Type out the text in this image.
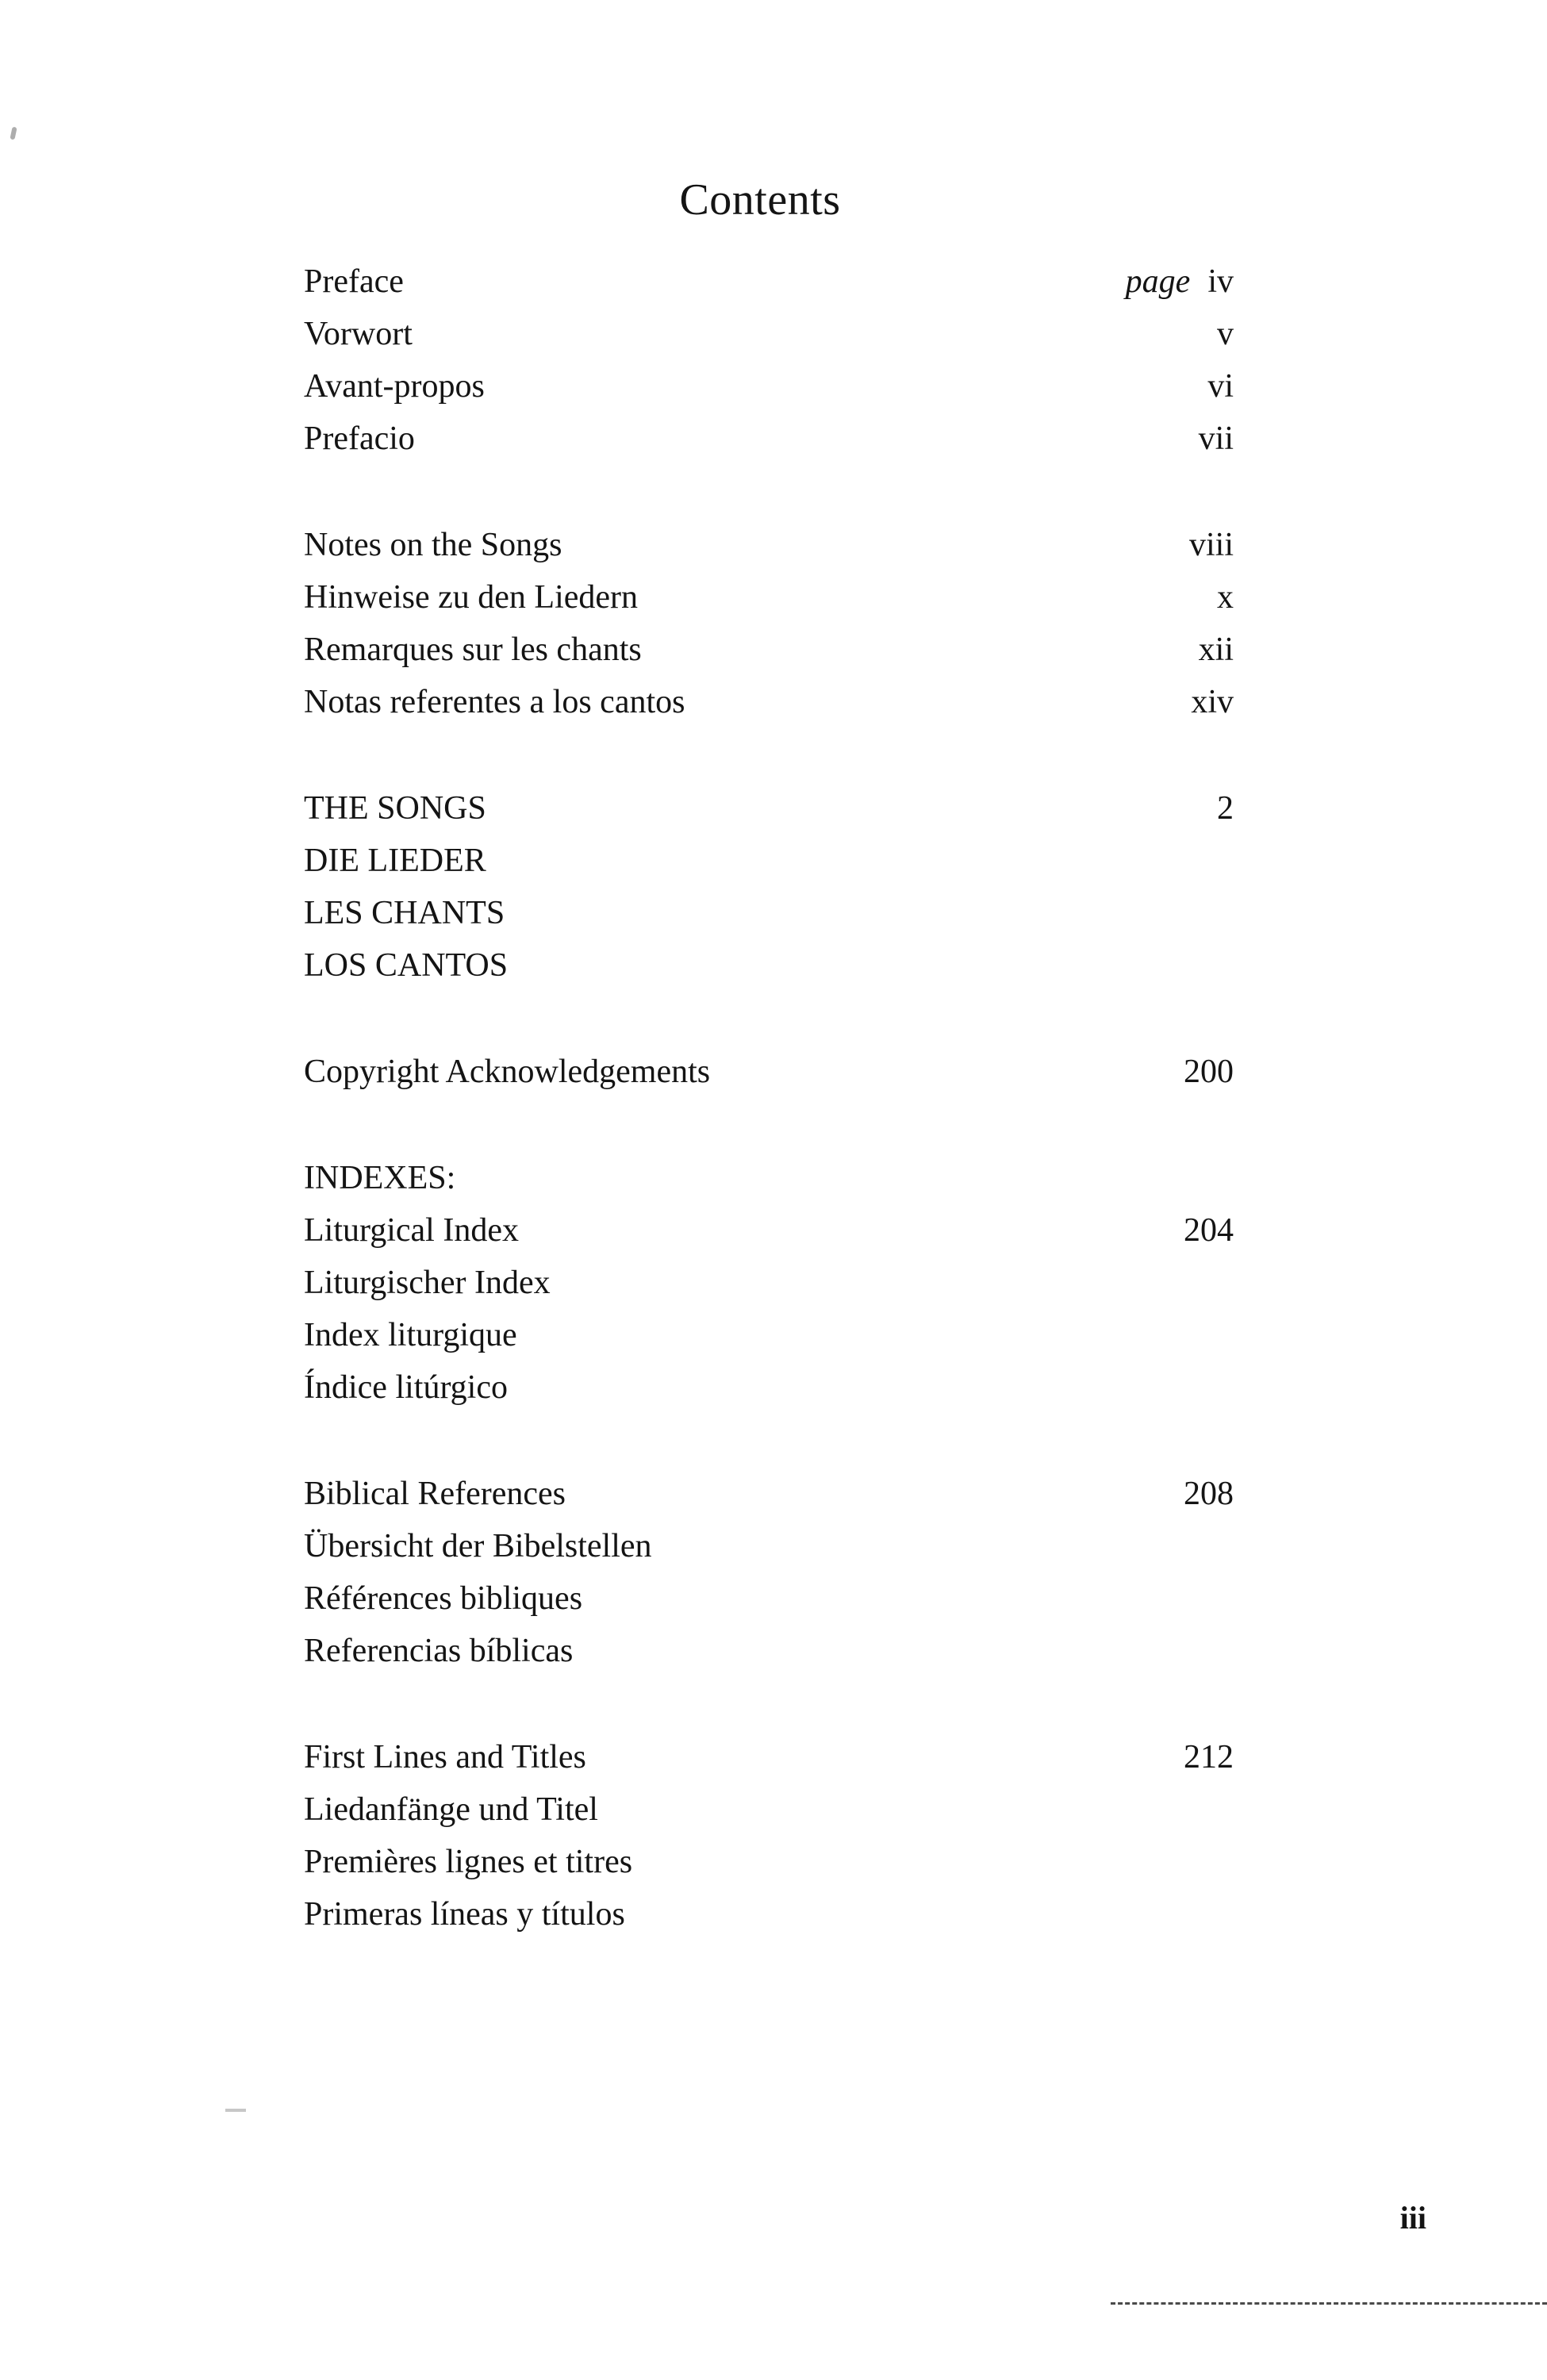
Contents
Preface	page iv
Vorwort	v
Avant-propos	vi
Prefacio	vii
Notes on the Songs	viii
Hinweise zu den Liedern	x
Remarques sur les chants	xii
Notas referentes a los cantos	xiv
THE SONGS	2
DIE LIEDER
LES CHANTS
LOS CANTOS
Copyright Acknowledgements	200
INDEXES:
Liturgical Index	204
Liturgischer Index
Index liturgique
Índice litúrgico
Biblical References	208
Übersicht der Bibelstellen
Références bibliques
Referencias bíblicas
First Lines and Titles	212
Liedanfänge und Titel
Premières lignes et titres
Primeras líneas y títulos
iii
